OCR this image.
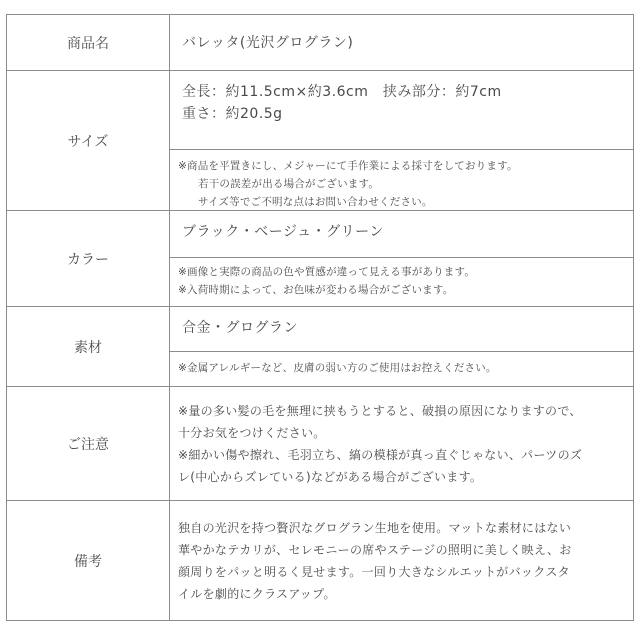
商品名	バレッタ(光沢グログラン)

サイズ	全長：約11.5cm×約3.6cm　挟み部分：約7cm
重さ：約20.5g
※商品を平置きにし、メジャーにて手作業による採寸をしております。
若干の誤差が出る場合がございます。
サイズ等でご不明な点はお問い合わせください。

カラー	ブラック・ベージュ・グリーン
※画像と実際の商品の色や質感が違って見える事があります。
※入荷時期によって、お色味が変わる場合がございます。

素材	合金・グログラン
※金属アレルギーなど、皮膚の弱い方のご使用はお控えください。

ご注意	※量の多い髪の毛を無理に挟もうとすると、破損の原因になりますので、
十分お気をつけください。
※細かい傷や擦れ、毛羽立ち、縞の模様が真っ直ぐじゃない、パーツのズ
レ(中心からズレている)などがある場合がございます。

備考	独自の光沢を持つ贅沢なグログラン生地を使用。マットな素材にはない
華やかなテカリが、セレモニーの席やステージの照明に美しく映え、お
顔周りをパッと明るく見せます。一回り大きなシルエットがバックスタ
イルを劇的にクラスアップ。
